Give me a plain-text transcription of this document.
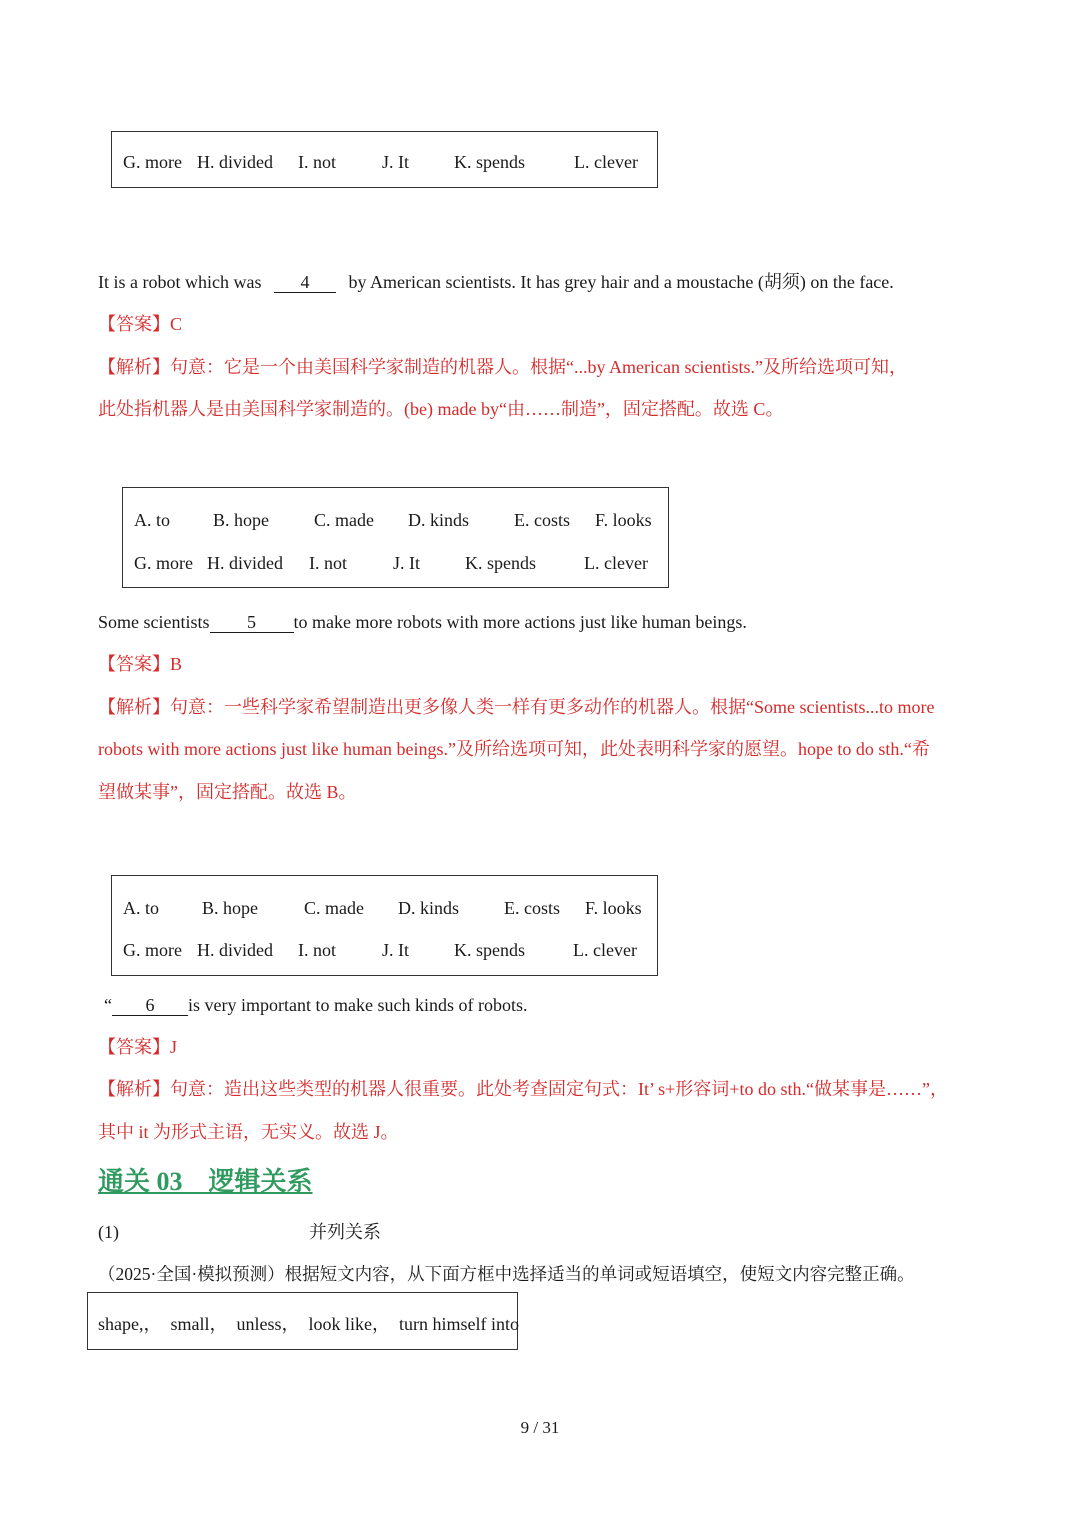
G. more H. divided I. not	J. It	K. spends	L. clever
It is a robot which was 4 by American scientists. It has grey hair and a moustache (胡须) on the face.
【答案】C
【解析】句意：它是一个由美国科学家制造的机器人。根据“...by American scientists.”及所给选项可知，
此处指机器人是由美国科学家制造的。(be) made by“由……制造”，固定搭配。故选 C。
A. to B. hope	C. made D. kinds E. costs F. looks
G. more H. divided I. not	J. It	K. spends	L. clever
Some scientists 5 to make more robots with more actions just like human beings.
【答案】B
【解析】句意：一些科学家希望制造出更多像人类一样有更多动作的机器人。根据“Some scientists...to more
robots with more actions just like human beings.”及所给选项可知，此处表明科学家的愿望。hope to do sth.“希
望做某事”，固定搭配。故选 B。
A. to B. hope	C. made D. kinds E. costs F. looks
G. more H. divided I. not	J. It	K. spends	L. clever
“ 6 is very important to make such kinds of robots.
【答案】J
【解析】句意：造出这些类型的机器人很重要。此处考查固定句式：It’ s+形容词+to do sth.“做某事是……”，
其中 it 为形式主语，无实义。故选 J。
通关 03    逻辑关系
(1)	并列关系
（2025·全国·模拟预测）根据短文内容，从下面方框中选择适当的单词或短语填空，使短文内容完整正确。
shape,，  small，  unless，  look like，  turn himself into
9 / 31
